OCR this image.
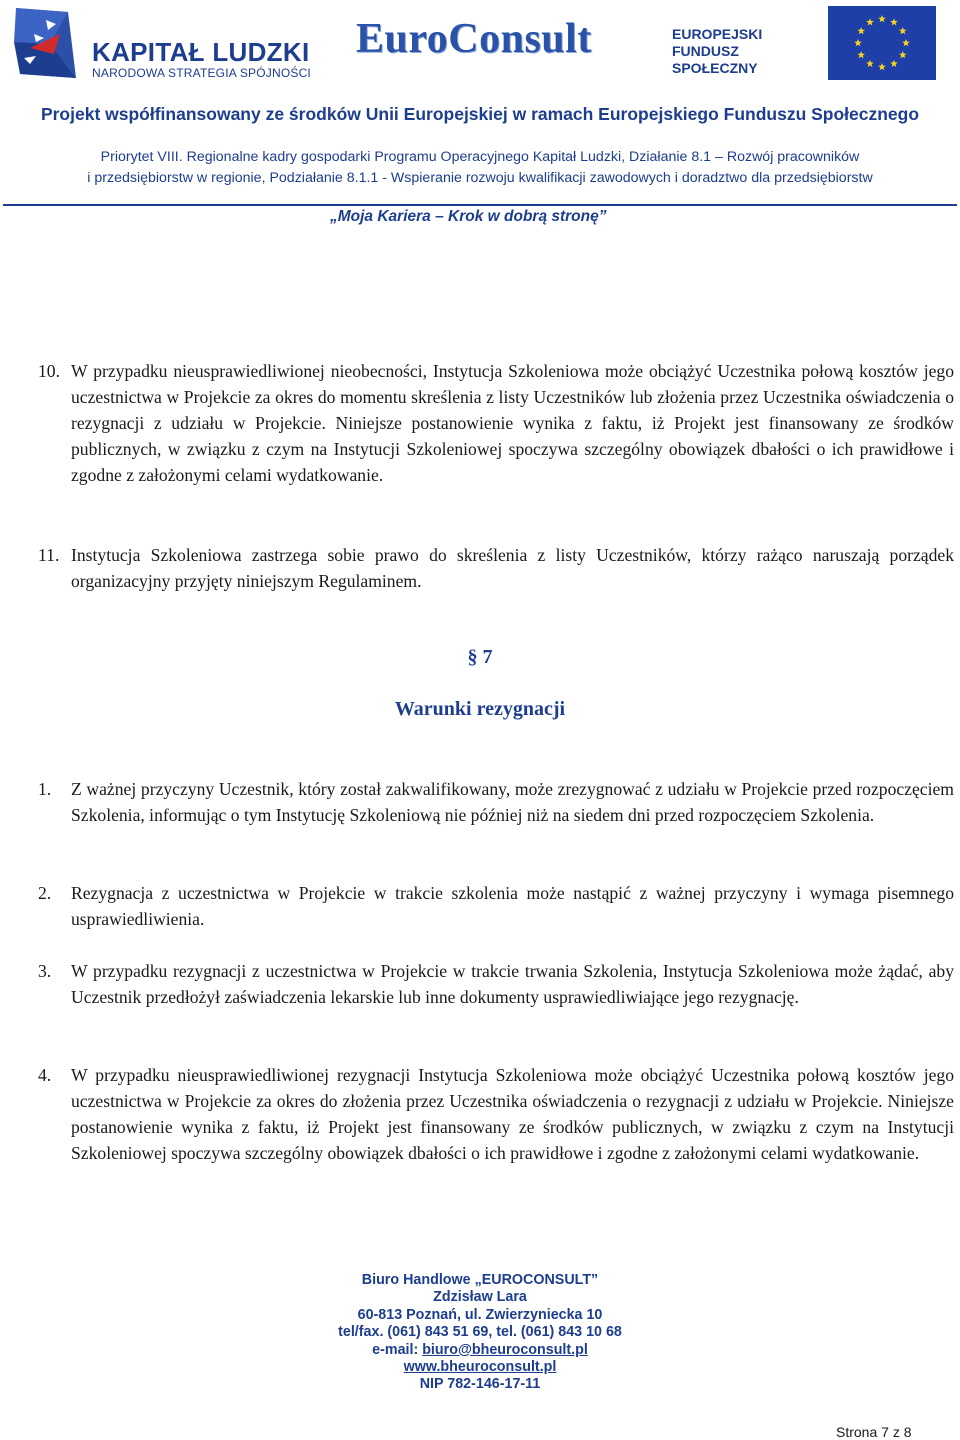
KAPITAŁ LUDZKI
NARODOWA STRATEGIA SPÓJNOŚCI
EuroConsult	EUROPEJSKI
FUNDUSZ SPOŁECZNY
Projekt współfinansowany ze środków Unii Europejskiej w ramach Europejskiego Funduszu Społecznego
Priorytet VIII. Regionalne kadry gospodarki Programu Operacyjnego Kapitał Ludzki, Działanie 8.1 – Rozwój pracowników
i przedsiębiorstw w regionie, Podziałanie 8.1.1 - Wspieranie rozwoju kwalifikacji zawodowych i doradztwo dla przedsiębiorstw
„Moja Kariera – Krok w dobrą stronę”
10. W przypadku nieusprawiedliwionej nieobecności, Instytucja Szkoleniowa może obciążyć Uczestnika połową kosztów jego uczestnictwa w Projekcie za okres do momentu skreślenia z listy Uczestników lub złożenia przez Uczestnika oświadczenia o rezygnacji z udziału w Projekcie. Niniejsze postanowienie wynika z faktu, iż Projekt jest finansowany ze środków publicznych, w związku z czym na Instytucji Szkoleniowej spoczywa szczególny obowiązek dbałości o ich prawidłowe i zgodne z założonymi celami wydatkowanie.
11. Instytucja Szkoleniowa zastrzega sobie prawo do skreślenia z listy Uczestników, którzy rażąco naruszają porządek organizacyjny przyjęty niniejszym Regulaminem.
§ 7
Warunki rezygnacji
1. Z ważnej przyczyny Uczestnik, który został zakwalifikowany, może zrezygnować z udziału w Projekcie przed rozpoczęciem Szkolenia, informując o tym Instytucję Szkoleniową nie później niż na siedem dni przed rozpoczęciem Szkolenia.
2. Rezygnacja z uczestnictwa w Projekcie w trakcie szkolenia może nastąpić z ważnej przyczyny i wymaga pisemnego usprawiedliwienia.
3. W przypadku rezygnacji z uczestnictwa w Projekcie w trakcie trwania Szkolenia, Instytucja Szkoleniowa może żądać, aby Uczestnik przedłożył zaświadczenia lekarskie lub inne dokumenty usprawiedliwiające jego rezygnację.
4. W przypadku nieusprawiedliwionej rezygnacji Instytucja Szkoleniowa może obciążyć Uczestnika połową kosztów jego uczestnictwa w Projekcie za okres do złożenia przez Uczestnika oświadczenia o rezygnacji z udziału w Projekcie. Niniejsze postanowienie wynika z faktu, iż Projekt jest finansowany ze środków publicznych, w związku z czym na Instytucji Szkoleniowej spoczywa szczególny obowiązek dbałości o ich prawidłowe i zgodne z założonymi celami wydatkowanie.
Biuro Handlowe „EUROCONSULT”
Zdzisław Lara
60-813 Poznań, ul. Zwierzyniecka 10
tel/fax. (061) 843 51 69, tel. (061) 843 10 68
e-mail: biuro@bheuroconsult.pl
www.bheuroconsult.pl
NIP 782-146-17-11
Strona 7 z 8
